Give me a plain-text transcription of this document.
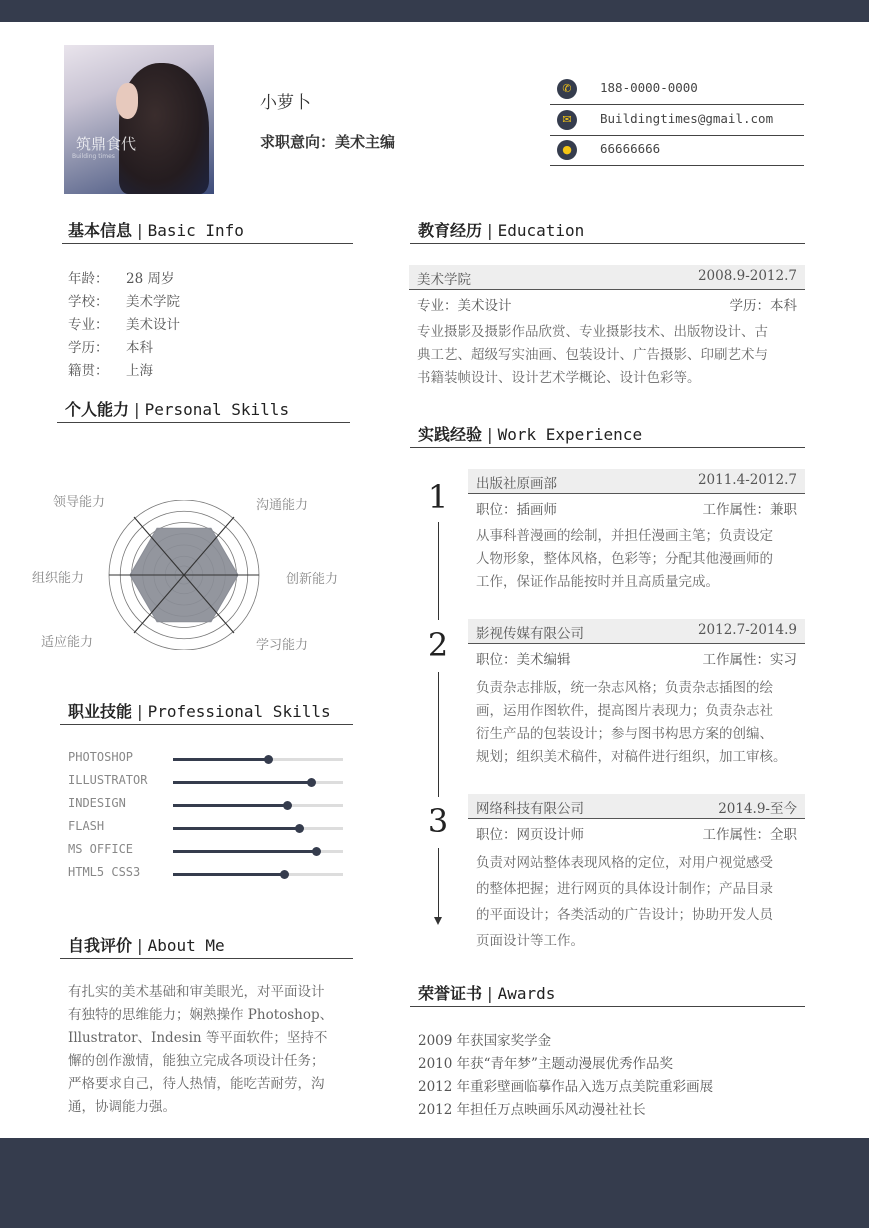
筑鼎食代
Building times
小萝卜
求职意向：美术主编
✆	188-0000-0000
✉	Buildingtimes@gmail.com
●	66666666
基本信息 | Basic Info
年龄： 28 周岁
学校： 美术学院
专业： 美术设计
学历： 本科
籍贯： 上海
个人能力 | Personal Skills
领导能力	沟通能力
组织能力	创新能力
适应能力	学习能力
职业技能 | Professional Skills
PHOTOSHOP
ILLUSTRATOR
INDESIGN
FLASH
MS OFFICE
HTML5 CSS3
自我评价 | About Me
有扎实的美术基础和审美眼光，对平面设计
有独特的思维能力；娴熟操作 Photoshop、
Illustrator、Indesin 等平面软件；坚持不
懈的创作激情，能独立完成各项设计任务；
严格要求自己，待人热情，能吃苦耐劳，沟
通，协调能力强。
教育经历 | Education
美术学院	2008.9-2012.7
专业：美术设计	学历：本科
专业摄影及摄影作品欣赏、专业摄影技术、出版物设计、古
典工艺、超级写实油画、包装设计、广告摄影、印刷艺术与
书籍装帧设计、设计艺术学概论、设计色彩等。
实践经验 | Work Experience
1
2
3
出版社原画部	2011.4-2012.7
职位：插画师	工作属性：兼职
从事科普漫画的绘制，并担任漫画主笔；负责设定
人物形象，整体风格，色彩等；分配其他漫画师的
工作，保证作品能按时并且高质量完成。
影视传媒有限公司	2012.7-2014.9
职位：美术编辑	工作属性：实习
负责杂志排版，统一杂志风格；负责杂志插图的绘
画，运用作图软件，提高图片表现力；负责杂志社
衍生产品的包装设计；参与图书构思方案的创编、
规划；组织美术稿件，对稿件进行组织，加工审核。
网络科技有限公司	2014.9-至今
职位：网页设计师	工作属性：全职
负责对网站整体表现风格的定位，对用户视觉感受
的整体把握；进行网页的具体设计制作；产品目录
的平面设计；各类活动的广告设计；协助开发人员
页面设计等工作。
荣誉证书 | Awards
2009 年获国家奖学金
2010 年获“青年梦”主题动漫展优秀作品奖
2012 年重彩壁画临摹作品入选万点美院重彩画展
2012 年担任万点映画乐风动漫社社长
